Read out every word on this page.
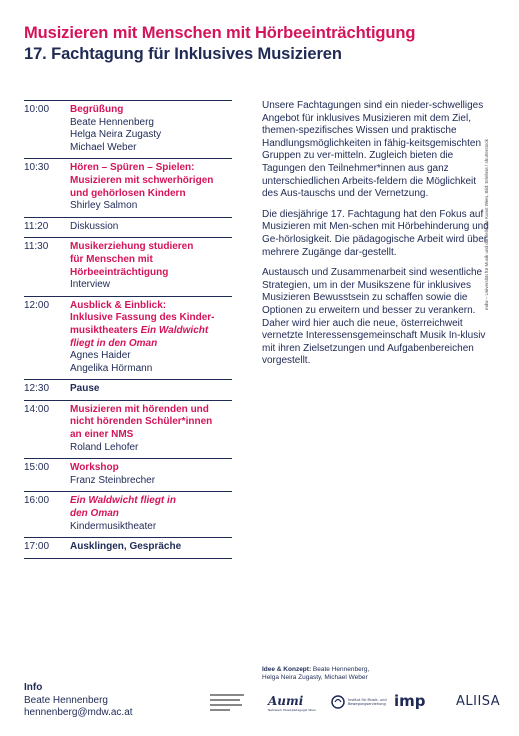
Musizieren mit Menschen mit Hörbeeinträchtigung
17. Fachtagung für Inklusives Musizieren
10:00	Begrüßung
Beate Hennenberg
Helga Neira Zugasty
Michael Weber
10:30	Hören – Spüren – Spielen:
Musizieren mit schwerhörigen
und gehörlosen Kindern
Shirley Salmon
11:20	Diskussion
11:30	Musikerziehung studieren
für Menschen mit
Hörbeeinträchtigung
Interview
12:00	Ausblick & Einblick:
Inklusive Fassung des Kinder-
musiktheaters Ein Waldwicht
fliegt in den Oman
Agnes Haider
Angelika Hörmann
12:30	Pause
14:00	Musizieren mit hörenden und
nicht hörenden Schüler*innen
an einer NMS
Roland Lehofer
15:00	Workshop
Franz Steinbrecher
16:00	Ein Waldwicht fliegt in
den Oman
Kindermusiktheater
17:00	Ausklingen, Gespräche

Unsere Fachtagungen sind ein nieder-schwelliges Angebot für inklusives Musizieren mit dem Ziel, themen-spezifisches Wissen und praktische Handlungsmöglichkeiten in fähig-keitsgemischten Gruppen zu ver-mitteln. Zugleich bieten die Tagungen den Teilnehmer*innen aus ganz unterschiedlichen Arbeits-feldern die Möglichkeit des Aus-tauschs und der Vernetzung.

Die diesjährige 17. Fachtagung hat den Fokus auf Musizieren mit Men-schen mit Hörbehinderung und Ge-hörlosigkeit. Die pädagogische Arbeit wird über mehrere Zugänge dar-gestellt.

Austausch und Zusammenarbeit sind wesentliche Strategien, um in der Musikszene für inklusives Musizieren Bewusstsein zu schaffen sowie die Optionen zu erweitern und besser zu verankern. Daher wird hier auch die neue, österreichweit vernetzte Interessensgemeinschaft Musik In-klusiv mit ihren Zielsetzungen und Aufgabenbereichen vorgestellt.

mdw – Universität für Musik und darstellende Kunst Wien, Bild: Erlebnis / shutterstock
Info
Beate Hennenberg
hennenberg@mdw.ac.at
Idee & Konzept: Beate Hennenberg,
Helga Neira Zugasty, Michael Weber
Aumi
Netzwerk Musikpädagogik Wien
Institut für Musik- und
Bewegungserziehung imp ALIISA
